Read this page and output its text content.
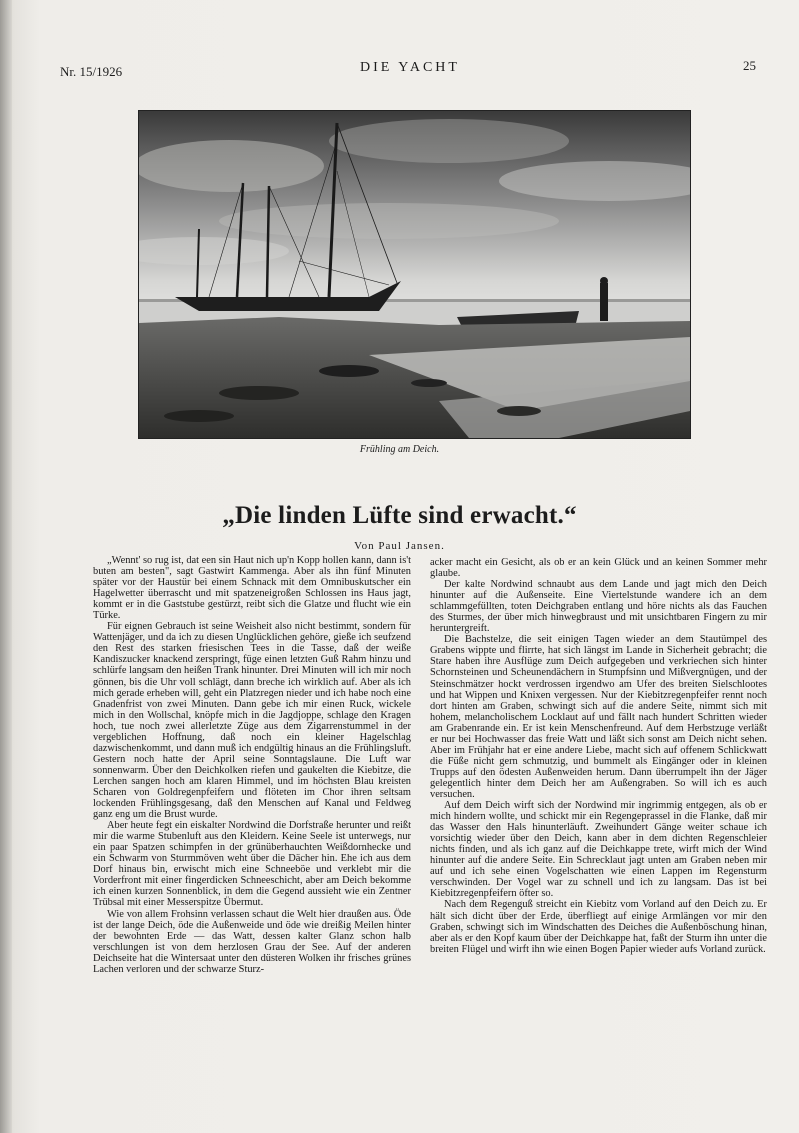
Nr. 15/1926	DIE YACHT	25
Frühling am Deich.
„Die linden Lüfte sind erwacht.“
Von Paul Jansen.

„Wennt' so rug ist, dat een sin Haut nich up'n Kopp hollen kann, dann is't buten am besten", sagt Gastwirt Kammenga. Aber als ihn fünf Minuten später vor der Haustür bei einem Schnack mit dem Omnibuskutscher ein Hagelwetter überrascht und mit spatzeneigroßen Schlossen ins Haus jagt, kommt er in die Gaststube gestürzt, reibt sich die Glatze und flucht wie ein Türke.

Für eignen Gebrauch ist seine Weisheit also nicht bestimmt, sondern für Wattenjäger, und da ich zu diesen Unglücklichen gehöre, gieße ich seufzend den Rest des starken friesischen Tees in die Tasse, daß der weiße Kandiszucker knackend zerspringt, füge einen letzten Guß Rahm hinzu und schlürfe langsam den heißen Trank hinunter. Drei Minuten will ich mir noch gönnen, bis die Uhr voll schlägt, dann breche ich wirklich auf. Aber als ich mich gerade erheben will, geht ein Platzregen nieder und ich habe noch eine Gnadenfrist von zwei Minuten. Dann gebe ich mir einen Ruck, wickele mich in den Wollschal, knöpfe mich in die Jagdjoppe, schlage den Kragen hoch, tue noch zwei allerletzte Züge aus dem Zigarrenstummel in der vergeblichen Hoffnung, daß noch ein kleiner Hagelschlag dazwischenkommt, und dann muß ich endgültig hinaus an die Frühlingsluft. Gestern noch hatte der April seine Sonntagslaune. Die Luft war sonnenwarm. Über den Deichkolken riefen und gaukelten die Kiebitze, die Lerchen sangen hoch am klaren Himmel, und im höchsten Blau kreisten Scharen von Goldregenpfeifern und flöteten im Chor ihren seltsam lockenden Frühlingsgesang, daß den Menschen auf Kanal und Feldweg ganz eng um die Brust wurde.

Aber heute fegt ein eiskalter Nordwind die Dorfstraße herunter und reißt mir die warme Stubenluft aus den Kleidern. Keine Seele ist unterwegs, nur ein paar Spatzen schimpfen in der grünüberhauchten Weißdornhecke und ein Schwarm von Sturmmöven weht über die Dächer hin. Ehe ich aus dem Dorf hinaus bin, erwischt mich eine Schneeböe und verklebt mir die Vorderfront mit einer fingerdicken Schneeschicht, aber am Deich bekomme ich einen kurzen Sonnenblick, in dem die Gegend aussieht wie ein Zentner Trübsal mit einer Messerspitze Übermut.

Wie von allem Frohsinn verlassen schaut die Welt hier draußen aus. Öde ist der lange Deich, öde die Außenweide und öde wie dreißig Meilen hinter der bewohnten Erde — das Watt, dessen kalter Glanz schon halb verschlungen ist von dem herzlosen Grau der See. Auf der anderen Deichseite hat die Wintersaat unter den düsteren Wolken ihr frisches grünes Lachen verloren und der schwarze Sturz-

acker macht ein Gesicht, als ob er an kein Glück und an keinen Sommer mehr glaube.

Der kalte Nordwind schnaubt aus dem Lande und jagt mich den Deich hinunter auf die Außenseite. Eine Viertelstunde wandere ich an dem schlammgefüllten, toten Deichgraben entlang und höre nichts als das Fauchen des Sturmes, der über mich hinwegbraust und mit unsichtbaren Fingern zu mir heruntergreift.

Die Bachstelze, die seit einigen Tagen wieder an dem Stautümpel des Grabens wippte und flirrte, hat sich längst im Lande in Sicherheit gebracht; die Stare haben ihre Ausflüge zum Deich aufgegeben und verkriechen sich hinter Schornsteinen und Scheunendächern in Stumpfsinn und Mißvergnügen, und der Steinschmätzer hockt verdrossen irgendwo am Ufer des breiten Sielschlootes und hat Wippen und Knixen vergessen. Nur der Kiebitzregenpfeifer rennt noch dort hinten am Graben, schwingt sich auf die andere Seite, nimmt sich mit hohem, melancholischem Locklaut auf und fällt nach hundert Schritten wieder am Grabenrande ein. Er ist kein Menschenfreund. Auf dem Herbstzuge verläßt er nur bei Hochwasser das freie Watt und läßt sich sonst am Deich nicht sehen. Aber im Frühjahr hat er eine andere Liebe, macht sich auf offenem Schlickwatt die Füße nicht gern schmutzig, und bummelt als Eingänger oder in kleinen Trupps auf den ödesten Außenweiden herum. Dann überrumpelt ihn der Jäger gelegentlich hinter dem Deich her am Außengraben. So will ich es auch versuchen.

Auf dem Deich wirft sich der Nordwind mir ingrimmig entgegen, als ob er mich hindern wollte, und schickt mir ein Regengeprassel in die Flanke, daß mir das Wasser den Hals hinunterläuft. Zweihundert Gänge weiter schaue ich vorsichtig wieder über den Deich, kann aber in dem dichten Regenschleier nichts finden, und als ich ganz auf die Deichkappe trete, wirft mich der Wind hinunter auf die andere Seite. Ein Schrecklaut jagt unten am Graben neben mir auf und ich sehe einen Vogelschatten wie einen Lappen im Regensturm verschwinden. Der Vogel war zu schnell und ich zu langsam. Das ist bei Kiebitzregenpfeifern öfter so.

Nach dem Regenguß streicht ein Kiebitz vom Vorland auf den Deich zu. Er hält sich dicht über der Erde, überfliegt auf einige Armlängen vor mir den Graben, schwingt sich im Windschatten des Deiches die Außenböschung hinan, aber als er den Kopf kaum über der Deichkappe hat, faßt der Sturm ihn unter die breiten Flügel und wirft ihn wie einen Bogen Papier wieder aufs Vorland zurück.
